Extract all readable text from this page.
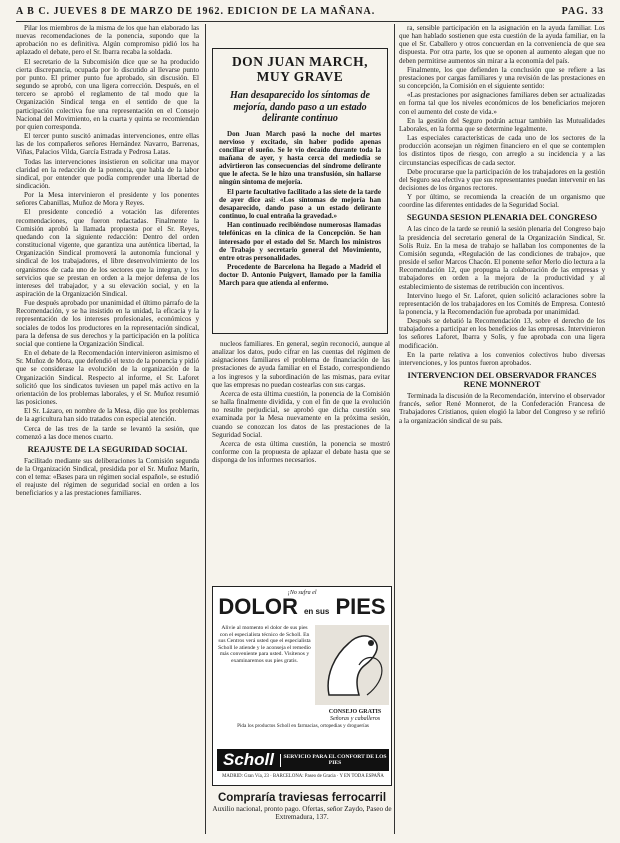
A B C. JUEVES 8 DE MARZO DE 1962. EDICION DE LA MAÑANA.	PAG. 33

Pilar los miembros de la misma de los que han elaborado las nuevas recomendaciones de la ponencia, supondo que la aprobación no es definitiva. Algún compromiso pidió los ha aplazado el debate, pero el Sr. Ibarra recaba la soldada.

El secretario de la Subcomisión dice que se ha producido cierta discrepancia, ocupada por lo discutido al llevarse punto por punto. El primer punto fue aprobado, sin discusión. El segundo se aprobó, con una ligera corrección. Después, en el tercero se aprobó el reglamento de tal modo que la Organización Sindical tenga en el sentido de que la participación colectiva fue una representación en el Consejo Nacional del Movimiento, en la cuarta y quinta se recomiendan por quien corresponda.

El tercer punto suscitó animadas intervenciones, entre ellas las de los compañeros señores Hernández Navarro, Barrenas, Viñas, Palacios Vilda, García Estrada y Pedrosa Latas.

Todas las intervenciones insistieron en solicitar una mayor claridad en la redacción de la ponencia, que habla de la labor sindical, por entender que podía comprender una libertad de sindicación.

Por la Mesa intervinieron el presidente y los ponentes señores Cabanillas, Muñoz de Mora y Reyes.

El presidente concedió a votación las diferentes recomendaciones, que fueron redactadas. Finalmente la Comisión aprobó la llamada propuesta por el Sr. Reyes, quedando con la siguiente redacción: Dentro del orden constitucional vigente, que garantiza una auténtica libertad, la Organización Sindical promoverá la autonomía funcional y sindical de los trabajadores, el libre desenvolvimiento de los organismos de cada uno de los sectores que la integran, y los servicios que se prestan en orden a la mejor defensa de los intereses del trabajador, y a su elevación social, y en la aspiración de la Organización Sindical.

Fue después aprobado por unanimidad el último párrafo de la Recomendación, y se ha insistido en la unidad, la eficacia y la representación de los intereses profesionales, económicos y sociales de todos los productores en la representación sindical, para la defensa de sus derechos y la participación en la política social que contiene la Organización Sindical.

En el debate de la Recomendación intervinieron asimismo el Sr. Muñoz de Mora, que defendió el texto de la ponencia y pidió que se considerase la evolución de la organización de la Organización Sindical. Respecto al informe, el Sr. Laforet solicitó que los sindicatos tuviesen un papel más activo en la orientación de los problemas laborales, y el Sr. Muñoz resumió las posiciones.

El Sr. Lázaro, en nombre de la Mesa, dijo que los problemas de la agricultura han sido tratados con especial atención.

Cerca de las tres de la tarde se levantó la sesión, que comenzó a las doce menos cuarto.

REAJUSTE DE LA SEGURIDAD SOCIAL

Facilitado mediante sus deliberaciones la Comisión segunda de la Organización Sindical, presidida por el Sr. Muñoz Marín, con el tema: «Bases para un régimen social español», se estudió el reajuste del régimen de seguridad social en orden a los beneficiarios y a las prestaciones familiares.

DON JUAN MARCH, MUY GRAVE
Han desaparecido los síntomas de mejoría, dando paso a un estado delirante continuo

Don Juan March pasó la noche del martes nervioso y excitado, sin haber podido apenas conciliar el sueño. Se le vio decaído durante toda la mañana de ayer, y hasta cerca del mediodía se advirtieron las consecuencias del síndrome delirante que le afecta. Se le hizo una transfusión, sin hallarse ningún síntoma de mejoría.

El parte facultativo facilitado a las siete de la tarde de ayer dice así: «Los síntomas de mejoría han desaparecido, dando paso a un estado delirante continuo, lo cual entraña la gravedad.»

Han continuado recibiéndose numerosas llamadas telefónicas en la clínica de la Concepción. Se han interesado por el estado del Sr. March los ministros de Trabajo y secretario general del Movimiento, entre otras personalidades.

Procedente de Barcelona ha llegado a Madrid el doctor D. Antonio Puigvert, llamado por la familia March para que atienda al enfermo.

nucleos familiares. En general, según reconoció, aunque al analizar los datos, pudo cifrar en las cuentas del régimen de asignaciones familiares el problema de financiación de las prestaciones de ayuda familiar en el Estado, correspondiendo a los ingresos y la subordinación de las mismas, para evitar que las empresas no puedan costearlas con sus cargas.

Acerca de esta última cuestión, la ponencia de la Comisión se halla finalmente dividida, y con el fin de que la evolución no resulte perjudicial, se aprobó que dicha cuestión sea examinada por la Mesa nuevamente en la próxima sesión, cuando se conozcan los datos de las prestaciones de la Seguridad Social.

Acerca de esta última cuestión, la ponencia se mostró conforme con la propuesta de aplazar el debate hasta que se disponga de los informes necesarios.

¡No sufra el
DOLOR en sus PIES
Alivie al momento el dolor de sus pies con el especialista técnico de Scholl. En sus Centros verá usted que el especialista Scholl le atiende y le aconseja el remedio más conveniente para usted. Visítenos y examinaremos sus pies gratis.
CONSEJO GRATIS
Señoras y caballeros
Pida los productos Scholl en farmacias, ortopedias y droguerías
Scholl	SERVICIO PARA EL CONFORT DE LOS PIES
MADRID: Gran Vía, 23 · BARCELONA: Paseo de Gracia · Y EN TODA ESPAÑA
Compraría traviesas ferrocarril
Auxilio nacional, pronto pago. Ofertas, señor Zaydo, Paseo de Extremadura, 137.

ra, sensible participación en la asignación en la ayuda familiar. Los que han hablado sostienen que esta cuestión de la ayuda familiar, en la que el Sr. Caballero y otros concuerdan en la conveniencia de que sea dispuesta. Por otra parte, los que se oponen al aumento alegan que no deben permitirse aumentos sin mirar a la economía del país.

Finalmente, los que defienden la conclusión que se refiere a las prestaciones por cargas familiares y una revisión de las prestaciones en su concepción, la Comisión en el siguiente sentido:

«Las prestaciones por asignaciones familiares deben ser actualizadas en forma tal que los niveles económicos de los beneficiarios mejoren con el aumento del coste de vida.»

En la gestión del Seguro podrán actuar también las Mutualidades Laborales, en la forma que se determine legalmente.

Las especiales características de cada uno de los sectores de la producción aconsejan un régimen financiero en el que se contemplen los distintos tipos de riesgo, con arreglo a su incidencia y a las circunstancias específicas de cada sector.

Debe procurarse que la participación de los trabajadores en la gestión del Seguro sea efectiva y que sus representantes puedan intervenir en las decisiones de los órganos rectores.

Y por último, se recomienda la creación de un organismo que coordine las diferentes entidades de la Seguridad Social.

SEGUNDA SESION PLENARIA DEL CONGRESO

A las cinco de la tarde se reunió la sesión plenaria del Congreso bajo la presidencia del secretario general de la Organización Sindical, Sr. Solís Ruiz. En la mesa de trabajo se hallaban los componentes de la Comisión segunda, «Regulación de las condiciones de trabajo», que preside el señor Marcos Chacón. El ponente señor Merlo dio lectura a la Recomendación 12, que propugna la colaboración de las empresas y trabajadores en orden a la mejora de la productividad y al establecimiento de sistemas de retribución con incentivos.

Intervino luego el Sr. Laforet, quien solicitó aclaraciones sobre la representación de los trabajadores en los Comités de Empresa. Contestó la ponencia, y la Recomendación fue aprobada por unanimidad.

Después se debatió la Recomendación 13, sobre el derecho de los trabajadores a participar en los beneficios de las empresas. Intervinieron los señores Laforet, Ibarra y Solís, y fue aprobada con una ligera modificación.

En la parte relativa a los convenios colectivos hubo diversas intervenciones, y los puntos fueron aprobados.

INTERVENCION DEL OBSERVADOR FRANCES RENE MONNEROT

Terminada la discusión de la Recomendación, intervino el observador francés, señor René Monnerot, de la Confederación Francesa de Trabajadores Cristianos, quien elogió la labor del Congreso y se refirió a la organización sindical de su país.
